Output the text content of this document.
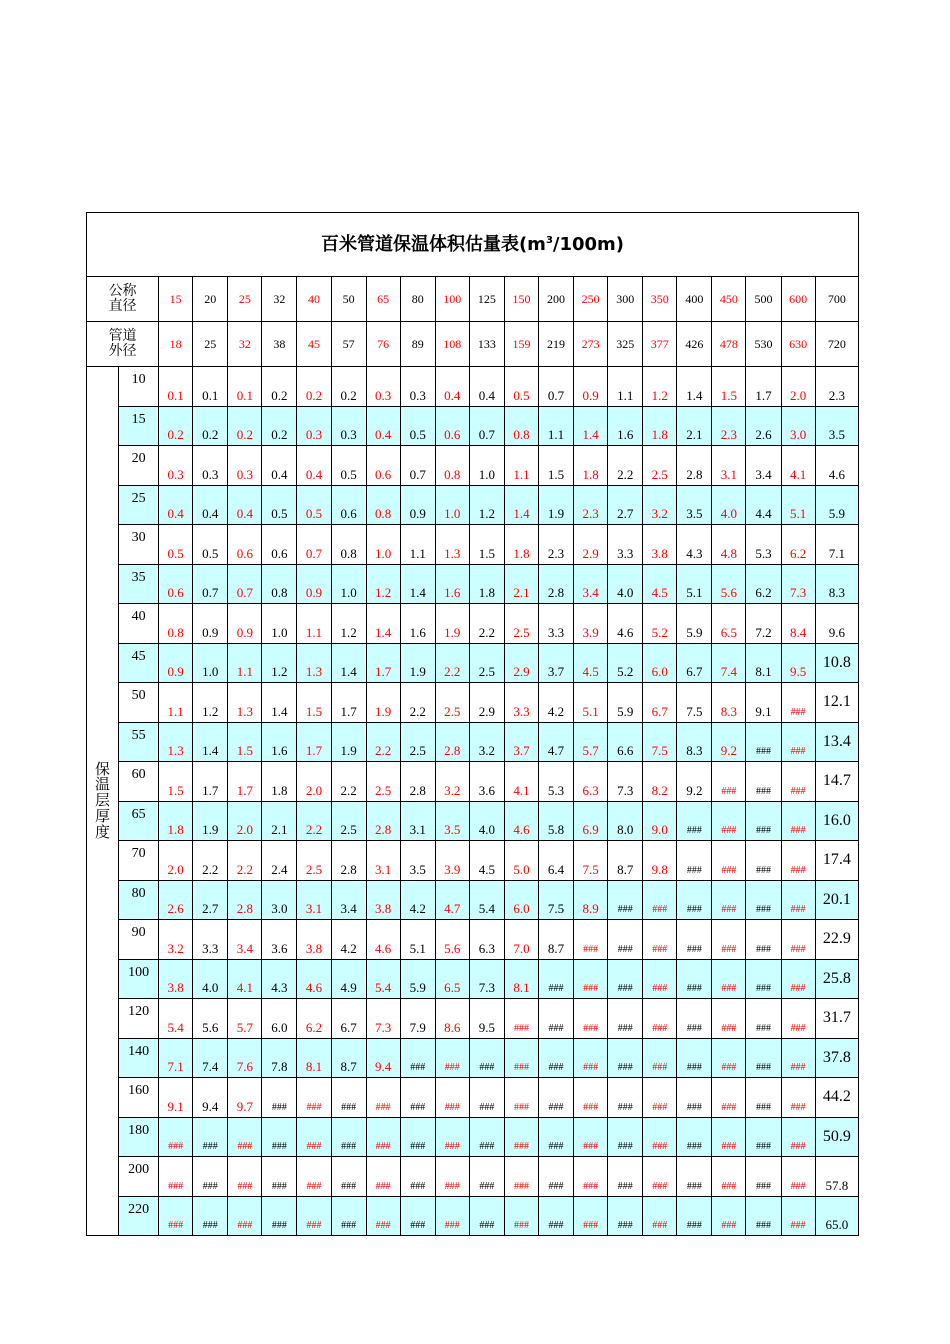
百米管道保温体积估量表$(m^3/100m)$																					
公称
直径		15	20	25	32	40	50	65	80	100	125	150	200	250	300	350	400	450	500	600	700
管道
外径		18	25	32	38	45	57	76	89	108	133	159	219	273	325	377	426	478	530	630	720

保
温
层
厚
度	10	0.1	0.1	0.1	0.2	0.2	0.2	0.3	0.3	0.4	0.4	0.5	0.7	0.9	1.1	1.2	1.4	1.5	1.7	2.0	2.3
	15	0.2	0.2	0.2	0.2	0.3	0.3	0.4	0.5	0.6	0.7	0.8	1.1	1.4	1.6	1.8	2.1	2.3	2.6	3.0	3.5
	20	0.3	0.3	0.3	0.4	0.4	0.5	0.6	0.7	0.8	1.0	1.1	1.5	1.8	2.2	2.5	2.8	3.1	3.4	4.1	4.6
	25	0.4	0.4	0.4	0.5	0.5	0.6	0.8	0.9	1.0	1.2	1.4	1.9	2.3	2.7	3.2	3.5	4.0	4.4	5.1	5.9
	30	0.5	0.5	0.6	0.6	0.7	0.8	1.0	1.1	1.3	1.5	1.8	2.3	2.9	3.3	3.8	4.3	4.8	5.3	6.2	7.1
	35	0.6	0.7	0.7	0.8	0.9	1.0	1.2	1.4	1.6	1.8	2.1	2.8	3.4	4.0	4.5	5.1	5.6	6.2	7.3	8.3
	40	0.8	0.9	0.9	1.0	1.1	1.2	1.4	1.6	1.9	2.2	2.5	3.3	3.9	4.6	5.2	5.9	6.5	7.2	8.4	9.6
	45	0.9	1.0	1.1	1.2	1.3	1.4	1.7	1.9	2.2	2.5	2.9	3.7	4.5	5.2	6.0	6.7	7.4	8.1	9.5	10.8
	50	1.1	1.2	1.3	1.4	1.5	1.7	1.9	2.2	2.5	2.9	3.3	4.2	5.1	5.9	6.7	7.5	8.3	9.1	###	12.1
	55	1.3	1.4	1.5	1.6	1.7	1.9	2.2	2.5	2.8	3.2	3.7	4.7	5.7	6.6	7.5	8.3	9.2	###	###	13.4
	60	1.5	1.7	1.7	1.8	2.0	2.2	2.5	2.8	3.2	3.6	4.1	5.3	6.3	7.3	8.2	9.2	###	###	###	14.7
	65	1.8	1.9	2.0	2.1	2.2	2.5	2.8	3.1	3.5	4.0	4.6	5.8	6.9	8.0	9.0	###	###	###	###	16.0
	70	2.0	2.2	2.2	2.4	2.5	2.8	3.1	3.5	3.9	4.5	5.0	6.4	7.5	8.7	9.8	###	###	###	###	17.4
	80	2.6	2.7	2.8	3.0	3.1	3.4	3.8	4.2	4.7	5.4	6.0	7.5	8.9	###	###	###	###	###	###	20.1
	90	3.2	3.3	3.4	3.6	3.8	4.2	4.6	5.1	5.6	6.3	7.0	8.7	###	###	###	###	###	###	###	22.9
	100	3.8	4.0	4.1	4.3	4.6	4.9	5.4	5.9	6.5	7.3	8.1	###	###	###	###	###	###	###	###	25.8
	120	5.4	5.6	5.7	6.0	6.2	6.7	7.3	7.9	8.6	9.5	###	###	###	###	###	###	###	###	###	31.7
	140	7.1	7.4	7.6	7.8	8.1	8.7	9.4	###	###	###	###	###	###	###	###	###	###	###	###	37.8
	160	9.1	9.4	9.7	###	###	###	###	###	###	###	###	###	###	###	###	###	###	###	###	44.2
	180	###	###	###	###	###	###	###	###	###	###	###	###	###	###	###	###	###	###	###	50.9
	200	###	###	###	###	###	###	###	###	###	###	###	###	###	###	###	###	###	###	###	57.8
	220	###	###	###	###	###	###	###	###	###	###	###	###	###	###	###	###	###	###	###	65.0
